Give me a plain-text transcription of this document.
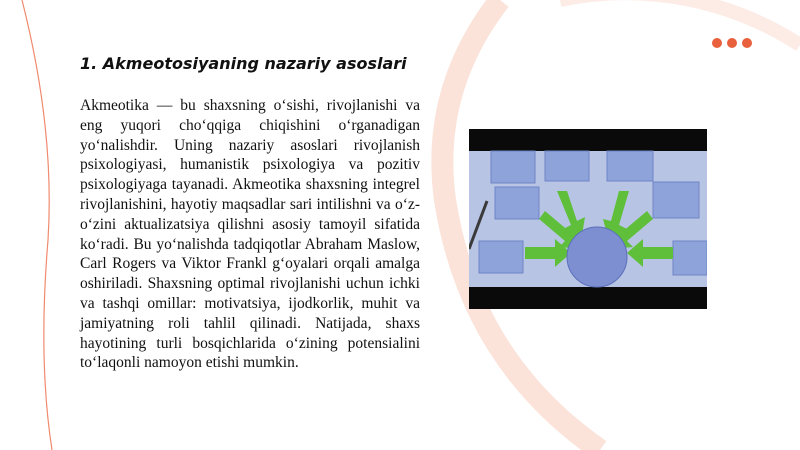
1. Akmeotosiyaning nazariy asoslari

Akmeotika — bu shaxsning o‘sishi, rivojlanishi va eng yuqori cho‘qqiga chiqishini o‘rganadigan yo‘nalishdir. Uning nazariy asoslari rivojlanish psixologiyasi, humanistik psixologiya va pozitiv psixologiyaga tayanadi. Akmeotika shaxsning integrel rivojlanishini, hayotiy maqsadlar sari intilishni va o‘z-o‘zini aktualizatsiya qilishni asosiy tamoyil sifatida ko‘radi. Bu yo‘nalishda tadqiqotlar Abraham Maslow, Carl Rogers va Viktor Frankl g‘oyalari orqali amalga oshiriladi. Shaxsning optimal rivojlanishi uchun ichki va tashqi omillar: motivatsiya, ijodkorlik, muhit va jamiyatning roli tahlil qilinadi. Natijada, shaxs hayotining turli bosqichlarida o‘zining potensialini to‘laqonli namoyon etishi mumkin.
